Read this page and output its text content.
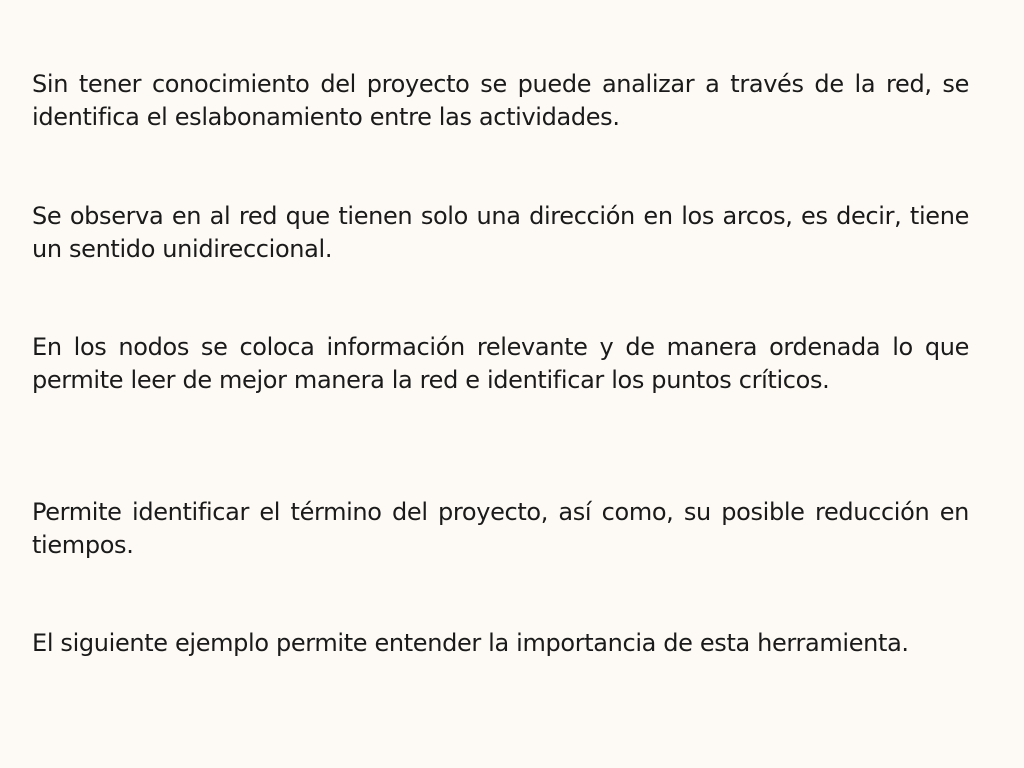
Sin tener conocimiento del proyecto se puede analizar a través de la red, se identifica el eslabonamiento entre las actividades.

Se observa en al red que tienen solo una dirección en los arcos, es decir, tiene un sentido unidireccional.

En los nodos se coloca información relevante y de manera ordenada lo que permite leer de mejor manera la red e identificar los puntos críticos.

Permite identificar el término del proyecto, así como, su posible reducción en tiempos.

El siguiente ejemplo permite entender la importancia de esta herramienta.
